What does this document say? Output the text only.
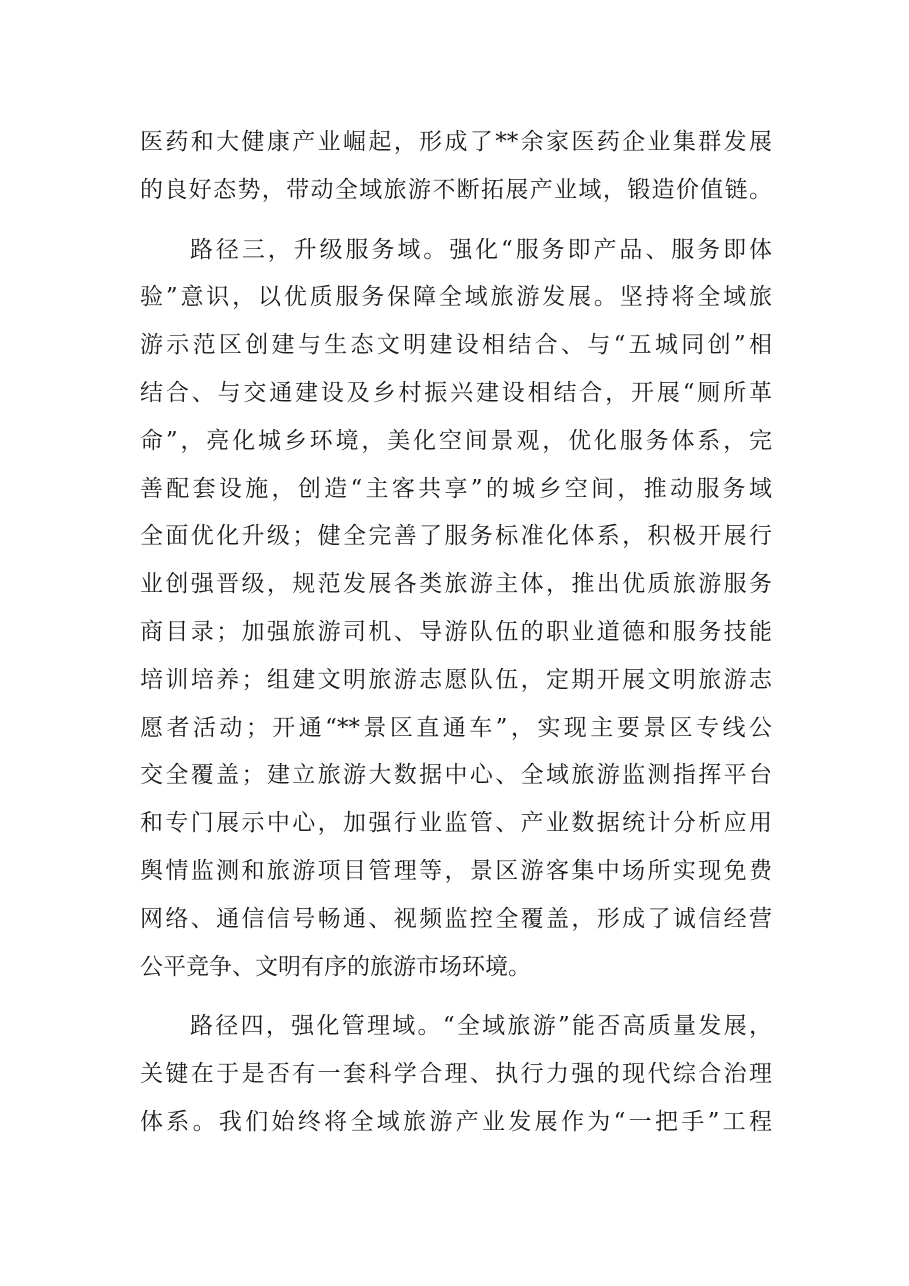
医药和大健康产业崛起，形成了**余家医药企业集群发展
的良好态势，带动全域旅游不断拓展产业域，锻造价值链。
路径三，升级服务域。强化“服务即产品、服务即体
验”意识，以优质服务保障全域旅游发展。坚持将全域旅
游示范区创建与生态文明建设相结合、与“五城同创”相
结合、与交通建设及乡村振兴建设相结合，开展“厕所革
命”，亮化城乡环境，美化空间景观，优化服务体系，完
善配套设施，创造“主客共享”的城乡空间，推动服务域
全面优化升级；健全完善了服务标准化体系，积极开展行
业创强晋级，规范发展各类旅游主体，推出优质旅游服务
商目录；加强旅游司机、导游队伍的职业道德和服务技能
培训培养；组建文明旅游志愿队伍，定期开展文明旅游志
愿者活动；开通“**景区直通车”，实现主要景区专线公
交全覆盖；建立旅游大数据中心、全域旅游监测指挥平台
和专门展示中心，加强行业监管、产业数据统计分析应用
舆情监测和旅游项目管理等，景区游客集中场所实现免费
网络、通信信号畅通、视频监控全覆盖，形成了诚信经营
公平竞争、文明有序的旅游市场环境。
路径四，强化管理域。“全域旅游”能否高质量发展，
关键在于是否有一套科学合理、执行力强的现代综合治理
体系。我们始终将全域旅游产业发展作为“一把手”工程
